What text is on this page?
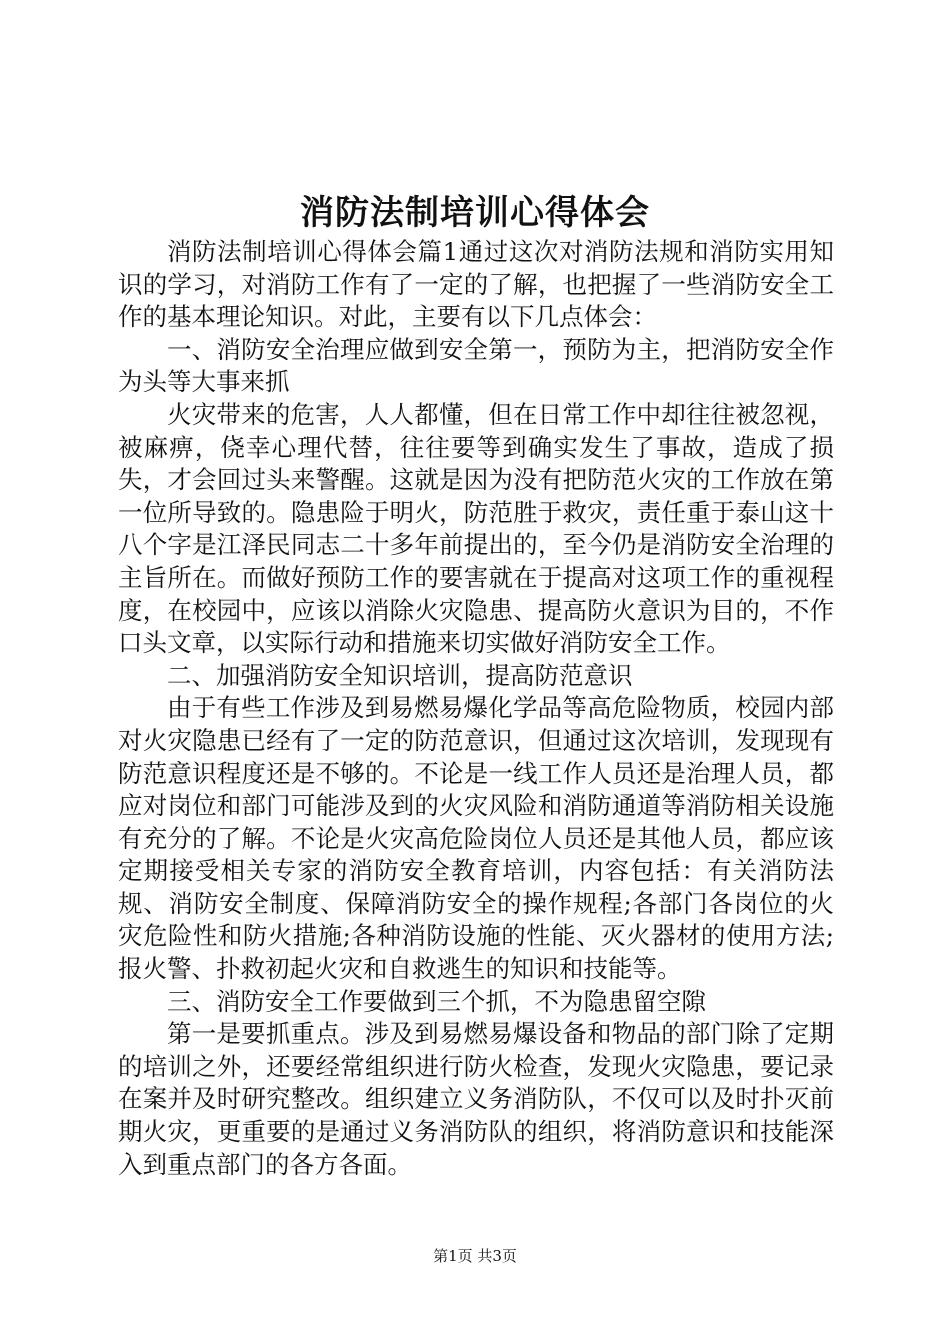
消防法制培训心得体会

消防法制培训心得体会篇1通过这次对消防法规和消防实用知识的学习，对消防工作有了一定的了解，也把握了一些消防安全工作的基本理论知识。对此，主要有以下几点体会：

一、消防安全治理应做到安全第一，预防为主，把消防安全作为头等大事来抓

火灾带来的危害，人人都懂，但在日常工作中却往往被忽视，被麻痹，侥幸心理代替，往往要等到确实发生了事故，造成了损失，才会回过头来警醒。这就是因为没有把防范火灾的工作放在第一位所导致的。隐患险于明火，防范胜于救灾，责任重于泰山这十八个字是江泽民同志二十多年前提出的，至今仍是消防安全治理的主旨所在。而做好预防工作的要害就在于提高对这项工作的重视程度，在校园中，应该以消除火灾隐患、提高防火意识为目的，不作口头文章，以实际行动和措施来切实做好消防安全工作。

二、加强消防安全知识培训，提高防范意识

由于有些工作涉及到易燃易爆化学品等高危险物质，校园内部对火灾隐患已经有了一定的防范意识，但通过这次培训，发现现有防范意识程度还是不够的。不论是一线工作人员还是治理人员，都应对岗位和部门可能涉及到的火灾风险和消防通道等消防相关设施有充分的了解。不论是火灾高危险岗位人员还是其他人员，都应该定期接受相关专家的消防安全教育培训，内容包括：有关消防法规、消防安全制度、保障消防安全的操作规程;各部门各岗位的火灾危险性和防火措施;各种消防设施的性能、灭火器材的使用方法;报火警、扑救初起火灾和自救逃生的知识和技能等。

三、消防安全工作要做到三个抓，不为隐患留空隙

第一是要抓重点。涉及到易燃易爆设备和物品的部门除了定期的培训之外，还要经常组织进行防火检查，发现火灾隐患，要记录在案并及时研究整改。组织建立义务消防队，不仅可以及时扑灭前期火灾，更重要的是通过义务消防队的组织，将消防意识和技能深入到重点部门的各方各面。

第1页 共3页
